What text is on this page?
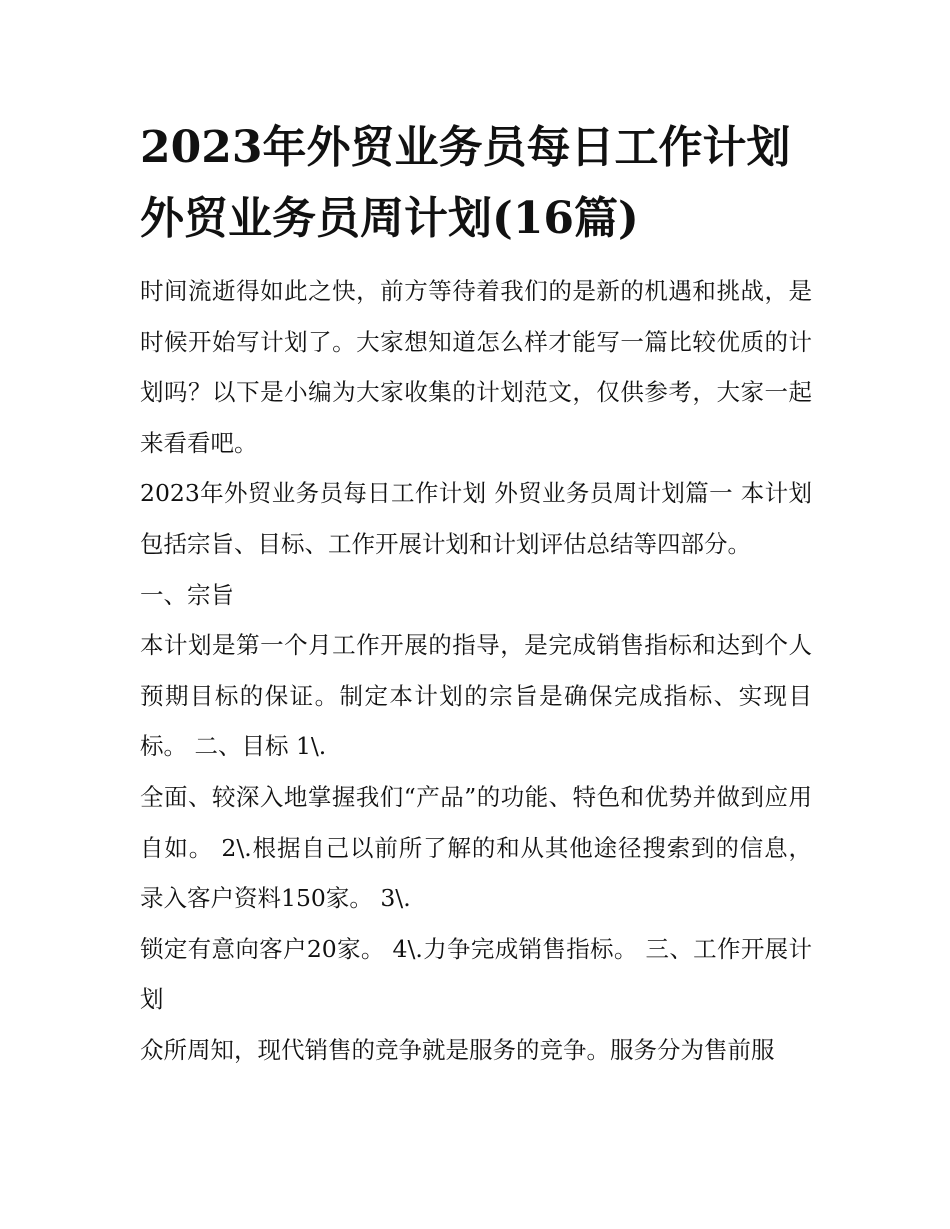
2023年外贸业务员每日工作计划 外贸业务员周计划(16篇)

时间流逝得如此之快，前方等待着我们的是新的机遇和挑战，是时候开始写计划了。大家想知道怎么样才能写一篇比较优质的计划吗？以下是小编为大家收集的计划范文，仅供参考，大家一起来看看吧。

2023年外贸业务员每日工作计划 外贸业务员周计划篇一 本计划包括宗旨、目标、工作开展计划和计划评估总结等四部分。

一、宗旨

本计划是第一个月工作开展的指导，是完成销售指标和达到个人预期目标的保证。制定本计划的宗旨是确保完成指标、实现目标。 二、目标 1\.

全面、较深入地掌握我们“产品”的功能、特色和优势并做到应用自如。 2\.根据自己以前所了解的和从其他途径搜索到的信息，录入客户资料150家。 3\.

锁定有意向客户20家。 4\.力争完成销售指标。 三、工作开展计划

众所周知，现代销售的竞争就是服务的竞争。服务分为售前服
